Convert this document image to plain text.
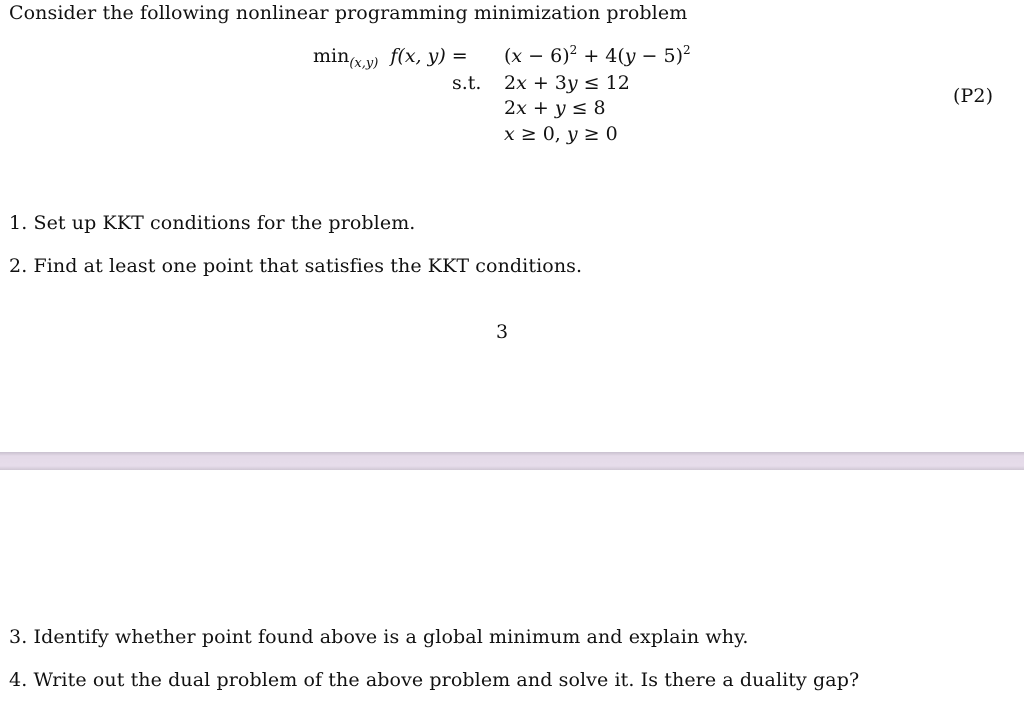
Consider the following nonlinear programming minimization problem
$\min_{(x,y)} f(x$, $y) = (x - 6)^2 + 4(y - 5)^2$
s.t. 2x + 3y ≤ 12
2x + y ≤ 8
x ≥ 0, y ≥ 0
(P2)
1. Set up KKT conditions for the problem.
2. Find at least one point that satisfies the KKT conditions.
3
3. Identify whether point found above is a global minimum and explain why.
4. Write out the dual problem of the above problem and solve it. Is there a duality gap?
